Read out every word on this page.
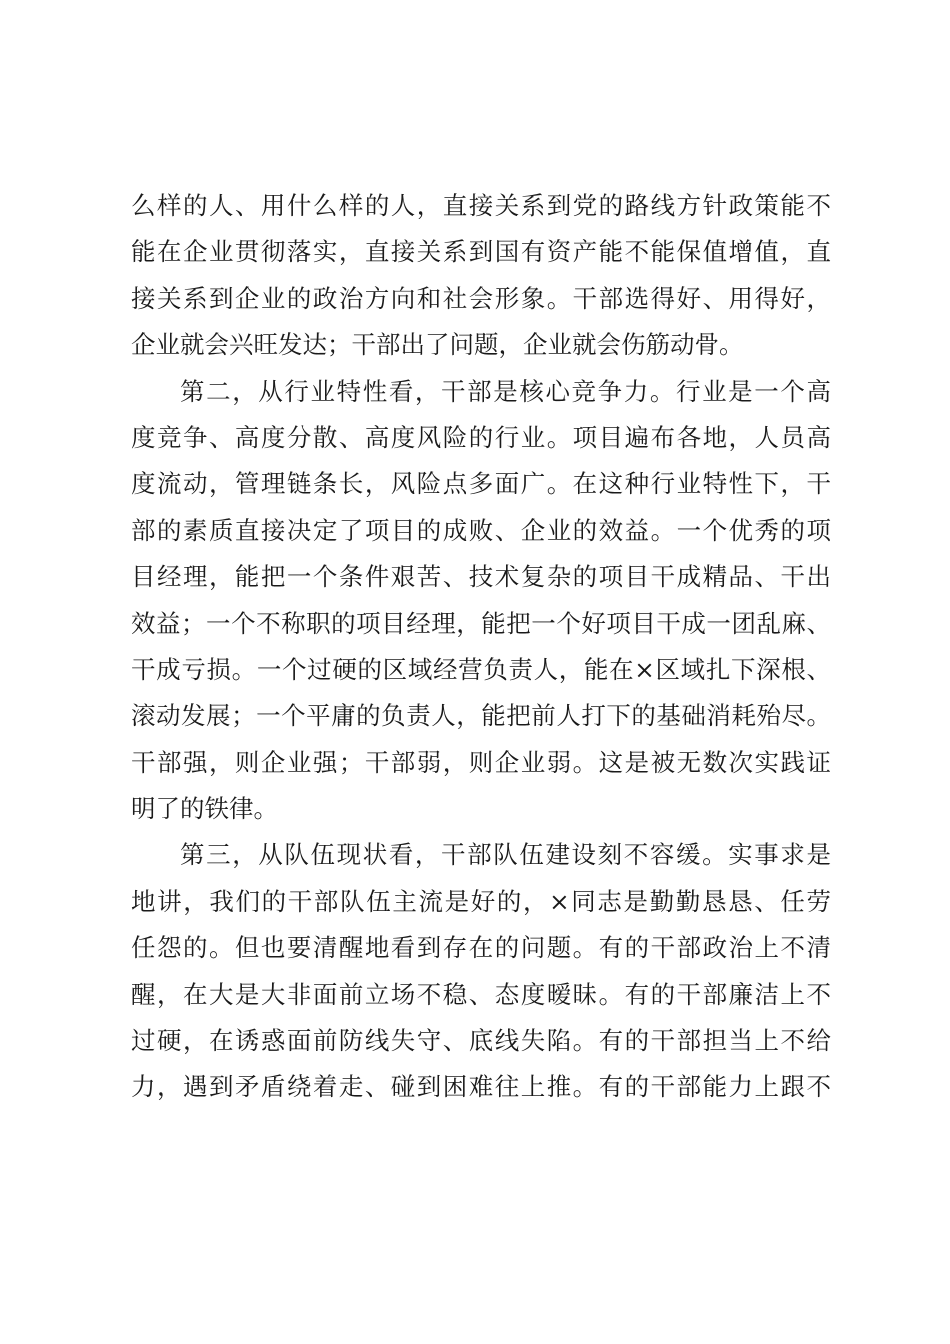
么样的人、用什么样的人，直接关系到党的路线方针政策能不
能在企业贯彻落实，直接关系到国有资产能不能保值增值，直
接关系到企业的政治方向和社会形象。干部选得好、用得好，
企业就会兴旺发达；干部出了问题，企业就会伤筋动骨。
第二，从行业特性看，干部是核心竞争力。行业是一个高
度竞争、高度分散、高度风险的行业。项目遍布各地，人员高
度流动，管理链条长，风险点多面广。在这种行业特性下，干
部的素质直接决定了项目的成败、企业的效益。一个优秀的项
目经理，能把一个条件艰苦、技术复杂的项目干成精品、干出
效益；一个不称职的项目经理，能把一个好项目干成一团乱麻、
干成亏损。一个过硬的区域经营负责人，能在×区域扎下深根、
滚动发展；一个平庸的负责人，能把前人打下的基础消耗殆尽。
干部强，则企业强；干部弱，则企业弱。这是被无数次实践证
明了的铁律。
第三，从队伍现状看，干部队伍建设刻不容缓。实事求是
地讲，我们的干部队伍主流是好的，×同志是勤勤恳恳、任劳
任怨的。但也要清醒地看到存在的问题。有的干部政治上不清
醒，在大是大非面前立场不稳、态度暧昧。有的干部廉洁上不
过硬，在诱惑面前防线失守、底线失陷。有的干部担当上不给
力，遇到矛盾绕着走、碰到困难往上推。有的干部能力上跟不
